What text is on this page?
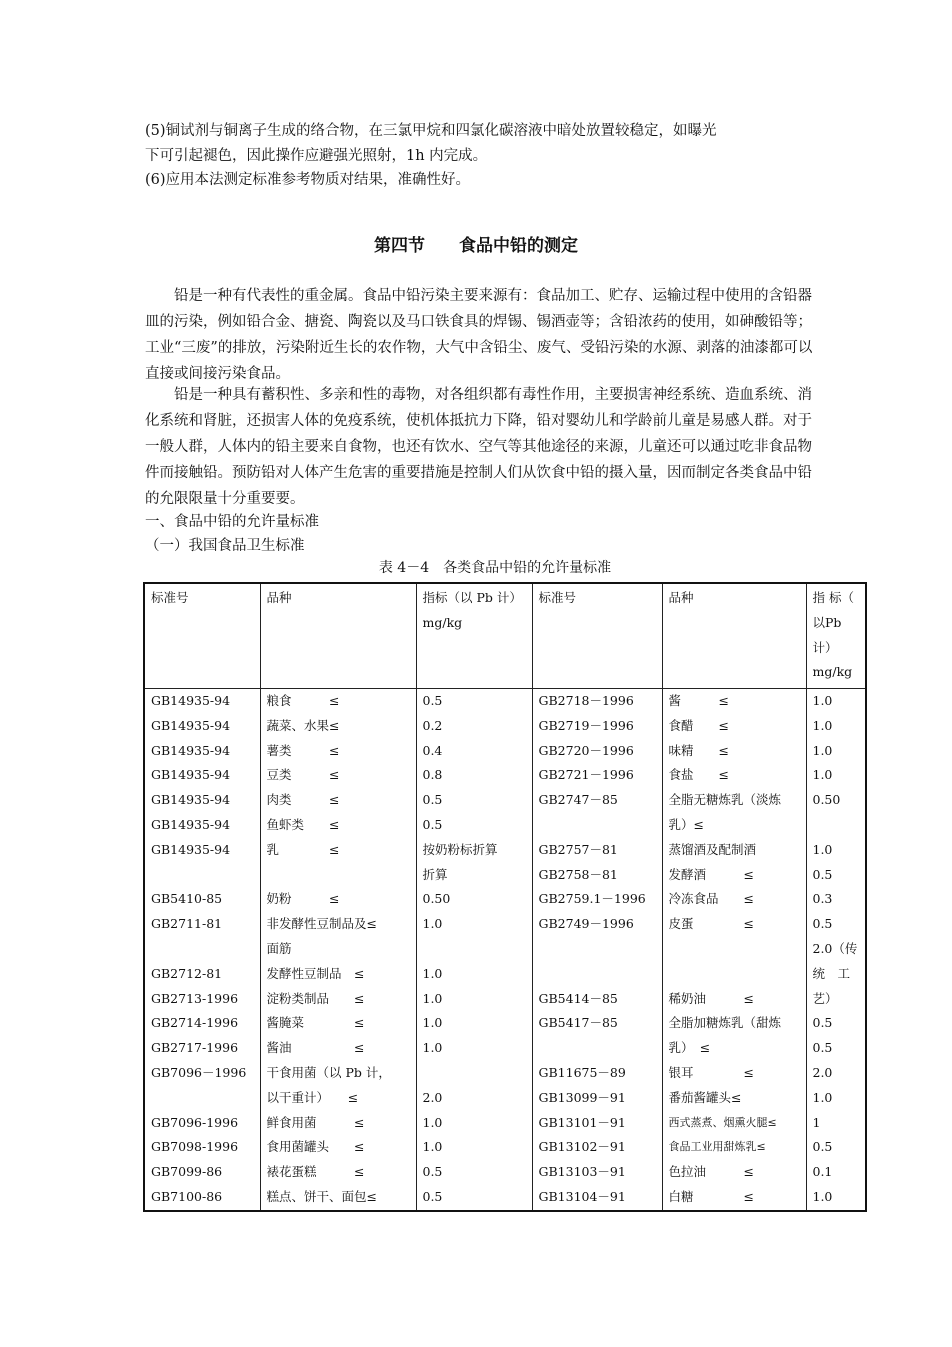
(5)铜试剂与铜离子生成的络合物，在三氯甲烷和四氯化碳溶液中暗处放置较稳定，如曝光
下可引起褪色，因此操作应避强光照射，1h 内完成。
(6)应用本法测定标准参考物质对结果，准确性好。
第四节　　食品中铅的测定

铅是一种有代表性的重金属。食品中铅污染主要来源有：食品加工、贮存、运输过程中使用的含铅器皿的污染，例如铅合金、搪瓷、陶瓷以及马口铁食具的焊锡、锡酒壶等；含铅浓药的使用，如砷酸铅等；工业“三废”的排放，污染附近生长的农作物，大气中含铅尘、废气、受铅污染的水源、剥落的油漆都可以直接或间接污染食品。

铅是一种具有蓄积性、多亲和性的毒物，对各组织都有毒性作用，主要损害神经系统、造血系统、消化系统和肾脏，还损害人体的免疫系统，使机体抵抗力下降，铅对婴幼儿和学龄前儿童是易感人群。对于一般人群，人体内的铅主要来自食物，也还有饮水、空气等其他途径的来源，儿童还可以通过吃非食品物件而接触铅。预防铅对人体产生危害的重要措施是控制人们从饮食中铅的摄入量，因而制定各类食品中铅的允限限量十分重要要。

一、食品中铅的允许量标准
（一）我国食品卫生标准
表 4－4　各类食品中铅的允许量标准
标准号	品种	指标（以 Pb 计）mg/kg	标准号	品种	指 标（ 以Pb 计）mg/kg
GB14935-94	粮食　　　≤	0.5	GB2718－1996	酱　　　≤	1.0
GB14935-94	蔬菜、水果≤	0.2	GB2719－1996	食醋　　≤	1.0
GB14935-94	薯类　　　≤	0.4	GB2720－1996	味精　　≤	1.0
GB14935-94	豆类　　　≤	0.8	GB2721－1996	食盐　　≤	1.0
GB14935-94	肉类　　　≤	0.5	GB2747－85	全脂无糖炼乳（淡炼	0.50
GB14935-94	鱼虾类　　≤	0.5		乳）≤	
GB14935-94	乳　　　　≤	按奶粉标折算	GB2757－81	蒸馏酒及配制酒	1.0
		折算	GB2758－81	发酵酒　　　≤	0.5
GB5410-85	奶粉　　　≤	0.50	GB2759.1－1996	冷冻食品　　≤	0.3
GB2711-81	非发酵性豆制品及≤	1.0	GB2749－1996	皮蛋　　　　≤	0.5
	面筋				2.0（传
GB2712-81	发酵性豆制品　≤	1.0			统　工
GB2713-1996	淀粉类制品　　≤	1.0	GB5414－85	稀奶油　　　≤	艺）
GB2714-1996	酱腌菜　　　　≤	1.0	GB5417－85	全脂加糖炼乳（甜炼	0.5
GB2717-1996	酱油　　　　　≤	1.0		乳）　≤	0.5
GB7096－1996	干食用菌（以 Pb 计，		GB11675－89	银耳　　　　≤	2.0
	以干重计）　　≤	2.0	GB13099－91	番茄酱罐头≤	1.0
GB7096-1996	鲜食用菌　　　≤	1.0	GB13101－91	西式蒸煮、烟熏火腿≤	1
GB7098-1996	食用菌罐头　　≤	1.0	GB13102－91	食品工业用甜炼乳≤	0.5
GB7099-86	裱花蛋糕　　　≤	0.5	GB13103－91	色拉油　　　≤	0.1
GB7100-86	糕点、饼干、面包≤	0.5	GB13104－91	白糖　　　　≤	1.0
